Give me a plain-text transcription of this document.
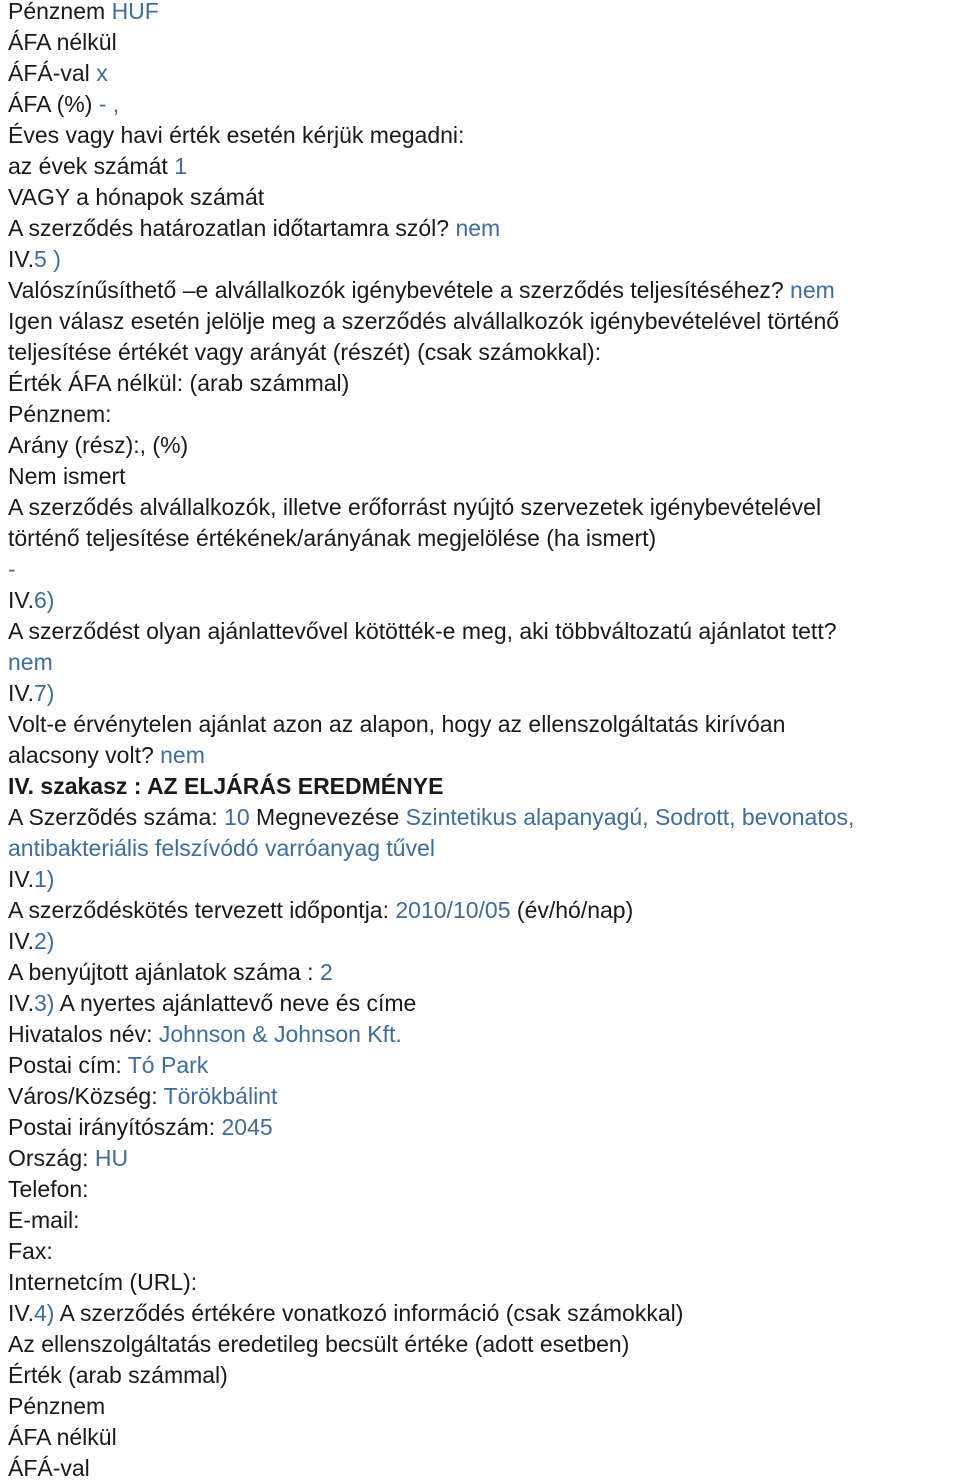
Pénznem HUF
ÁFA nélkül
ÁFÁ-val x
ÁFA (%) - ,
Éves vagy havi érték esetén kérjük megadni:
az évek számát 1
VAGY a hónapok számát
A szerződés határozatlan időtartamra szól? nem
IV.5 )
Valószínűsíthető –e alvállalkozók igénybevétele a szerződés teljesítéséhez? nem
Igen válasz esetén jelölje meg a szerződés alvállalkozók igénybevételével történő
teljesítése értékét vagy arányát (részét) (csak számokkal):
Érték ÁFA nélkül: (arab számmal)
Pénznem:
Arány (rész):, (%)
Nem ismert
A szerződés alvállalkozók, illetve erőforrást nyújtó szervezetek igénybevételével
történő teljesítése értékének/arányának megjelölése (ha ismert)
-
IV.6)
A szerződést olyan ajánlattevővel kötötték-e meg, aki többváltozatú ajánlatot tett?
nem
IV.7)
Volt-e érvénytelen ajánlat azon az alapon, hogy az ellenszolgáltatás kirívóan
alacsony volt? nem
IV. szakasz : AZ ELJÁRÁS EREDMÉNYE
A Szerzõdés száma: 10 Megnevezése Szintetikus alapanyagú, Sodrott, bevonatos,
antibakteriális felszívódó varróanyag tűvel
IV.1)
A szerződéskötés tervezett időpontja: 2010/10/05 (év/hó/nap)
IV.2)
A benyújtott ajánlatok száma : 2
IV.3) A nyertes ajánlattevő neve és címe
Hivatalos név: Johnson & Johnson Kft.
Postai cím: Tó Park
Város/Község: Törökbálint
Postai irányítószám: 2045
Ország: HU
Telefon:
E-mail:
Fax:
Internetcím (URL):
IV.4) A szerződés értékére vonatkozó információ (csak számokkal)
Az ellenszolgáltatás eredetileg becsült értéke (adott esetben)
Érték (arab számmal)
Pénznem
ÁFA nélkül
ÁFÁ-val
